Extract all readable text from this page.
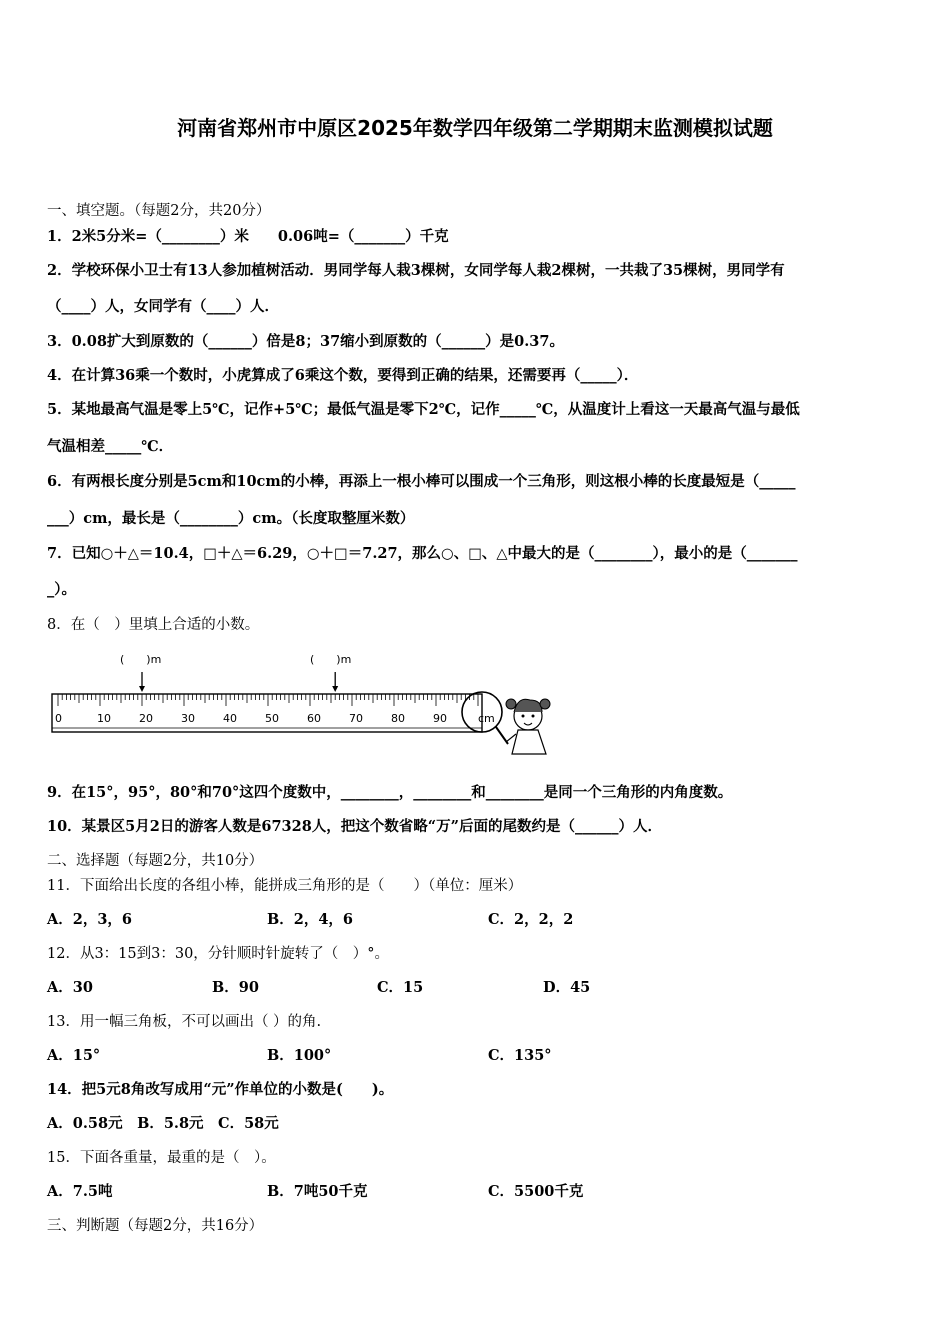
河南省郑州市中原区2025年数学四年级第二学期期末监测模拟试题
一、填空题。（每题2分，共20分）
1．2米5分米=（________）米　　0.06吨=（_______）千克
2．学校环保小卫士有13人参加植树活动．男同学每人栽3棵树，女同学每人栽2棵树，一共栽了35棵树，男同学有
（____）人，女同学有（____）人．
3．0.08扩大到原数的（______）倍是8；37缩小到原数的（______）是0.37。
4．在计算36乘一个数时，小虎算成了6乘这个数，要得到正确的结果，还需要再（_____）．
5．某地最高气温是零上5℃，记作+5℃；最低气温是零下2℃，记作_____℃，从温度计上看这一天最高气温与最低
气温相差_____℃．
6．有两根长度分别是5cm和10cm的小棒，再添上一根小棒可以围成一个三角形，则这根小棒的长度最短是（_____
___）cm，最长是（________）cm。（长度取整厘米数）
7．已知○＋△＝10.4，□＋△＝6.29，○＋□＝7.27，那么○、□、△中最大的是（________），最小的是（_______
_）。
8．在（　）里填上合适的小数。
(　　)m	(　　)m
0	10	20	30	40	50	60	70	80	90	cm
9．在15°，95°，80°和70°这四个度数中，________，________和________是同一个三角形的内角度数。
10．某景区5月2日的游客人数是67328人，把这个数省略“万”后面的尾数约是（______）人．
二、选择题（每题2分，共10分）
11．下面给出长度的各组小棒，能拼成三角形的是（　　）（单位：厘米）
A．2，3，6	B．2，4，6	C．2，2，2
12．从3：15到3：30，分针顺时针旋转了（　）°。
A．30	B．90	C．15	D．45
13．用一幅三角板，不可以画出（ ）的角.
A．15°	B．100°	C．135°
14．把5元8角改写成用“元”作单位的小数是(　　)。
A．0.58元　B．5.8元　C．58元
15．下面各重量，最重的是（　）。
A．7.5吨	B．7吨50千克	C．5500千克
三、判断题（每题2分，共16分）
